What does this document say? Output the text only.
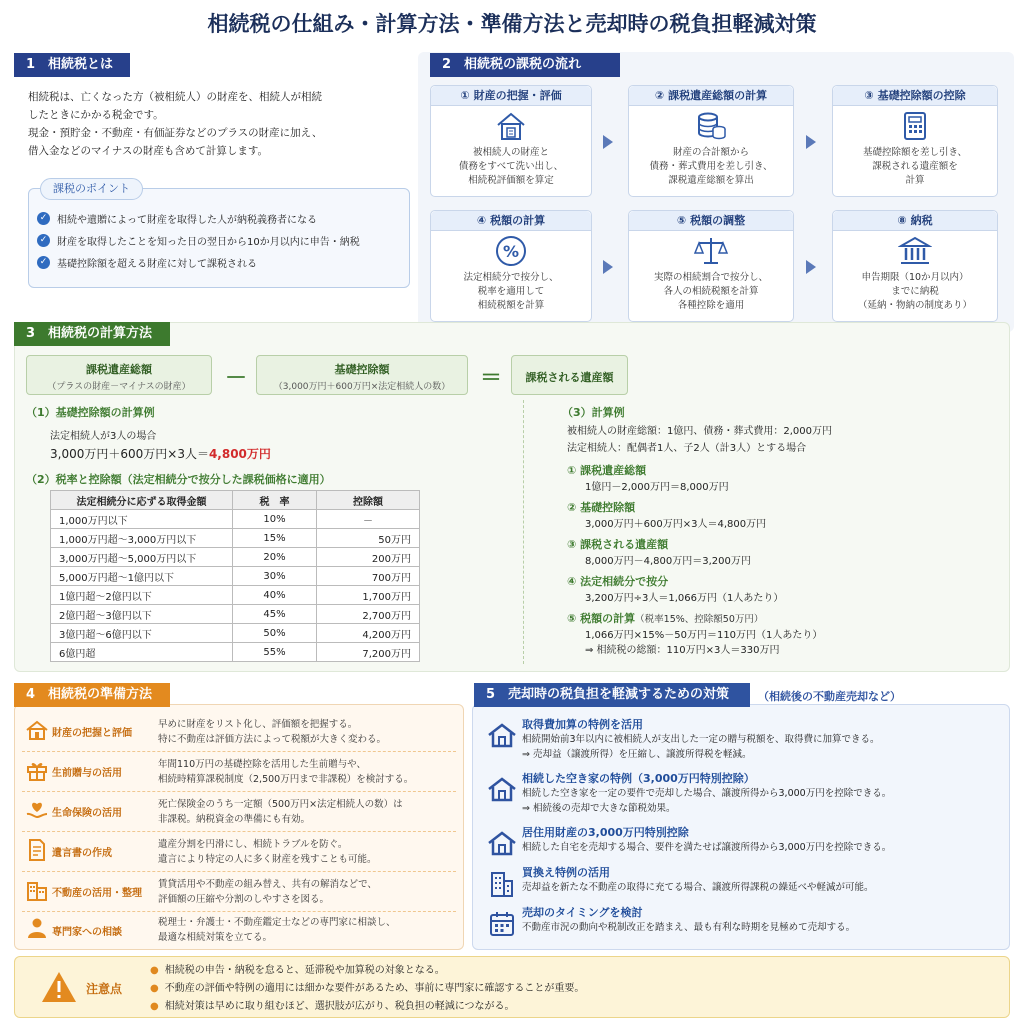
相続税の仕組み・計算方法・準備方法と売却時の税負担軽減対策
1 相続税とは
相続税は、亡くなった方（被相続人）の財産を、相続人が相続
したときにかかる税金です。
現金・預貯金・不動産・有価証券などのプラスの財産に加え、
借入金などのマイナスの財産も含めて計算します。
✓ 相続や遺贈によって財産を取得した人が納税義務者になる
✓ 財産を取得したことを知った日の翌日から10か月以内に申告・納税
✓ 基礎控除額を超える財産に対して課税される
課税のポイント
2 相続税の課税の流れ
① 財産の把握・評価
被相続人の財産と
債務をすべて洗い出し、
相続税評価額を算定
② 課税遺産総額の計算
財産の合計額から
債務・葬式費用を差し引き、
課税遺産総額を算出
③ 基礎控除額の控除
基礎控除額を差し引き、
課税される遺産額を
計算
④ 税額の計算
%
法定相続分で按分し、
税率を適用して
相続税額を計算
⑤ 税額の調整
実際の相続割合で按分し、
各人の相続税額を計算
各種控除を適用
⑧ 納税
申告期限（10か月以内）
までに納税
（延納・物納の制度あり）
3 相続税の計算方法
課税遺産総額
（プラスの財産－マイナスの財産）	－	基礎控除額
（3,000万円＋600万円×法定相続人の数）	＝	課税される遺産額
（1）基礎控除額の計算例
法定相続人が3人の場合
3,000万円＋600万円×3人＝4,800万円
（2）税率と控除額（法定相続分で按分した課税価格に適用）
法定相続分に応ずる取得金額	税　率	控除額
1,000万円以下	10%	－
1,000万円超～3,000万円以下	15%	50万円
3,000万円超～5,000万円以下	20%	200万円
5,000万円超～1億円以下	30%	700万円
1億円超～2億円以下	40%	1,700万円
2億円超～3億円以下	45%	2,700万円
3億円超～6億円以下	50%	4,200万円
6億円超	55%	7,200万円
（3）計算例
被相続人の財産総額：1億円、債務・葬式費用：2,000万円
法定相続人：配偶者1人、子2人（計3人）とする場合
① 課税遺産総額
1億円－2,000万円＝8,000万円
② 基礎控除額
3,000万円＋600万円×3人＝4,800万円
③ 課税される遺産額
8,000万円－4,800万円＝3,200万円
④ 法定相続分で按分
3,200万円÷3人＝1,066万円（1人あたり）
⑤ 税額の計算（税率15%、控除額50万円）
1,066万円×15%－50万円＝110万円（1人あたり）
⇒ 相続税の総額：110万円×3人＝330万円
4 相続税の準備方法
財産の把握と評価
早めに財産をリスト化し、評価額を把握する。
特に不動産は評価方法によって税額が大きく変わる。
生前贈与の活用
年間110万円の基礎控除を活用した生前贈与や、
相続時精算課税制度（2,500万円まで非課税）を検討する。
生命保険の活用
死亡保険金のうち一定額（500万円×法定相続人の数）は
非課税。納税資金の準備にも有効。
遺言書の作成
遺産分割を円滑にし、相続トラブルを防ぐ。
遺言により特定の人に多く財産を残すことも可能。
不動産の活用・整理
賃貸活用や不動産の組み替え、共有の解消などで、
評価額の圧縮や分割のしやすさを図る。
専門家への相談
税理士・弁護士・不動産鑑定士などの専門家に相談し、
最適な相続対策を立てる。
5 売却時の税負担を軽減するための対策	（相続後の不動産売却など）
取得費加算の特例を活用
相続開始前3年以内に被相続人が支出した一定の贈与税額を、取得費に加算できる。
⇒ 売却益（譲渡所得）を圧縮し、譲渡所得税を軽減。
相続した空き家の特例（3,000万円特別控除）
相続した空き家を一定の要件で売却した場合、譲渡所得から3,000万円を控除できる。
⇒ 相続後の売却で大きな節税効果。
居住用財産の3,000万円特別控除
相続した自宅を売却する場合、要件を満たせば譲渡所得から3,000万円を控除できる。
買換え特例の活用
売却益を新たな不動産の取得に充てる場合、譲渡所得課税の繰延べや軽減が可能。
売却のタイミングを検討
不動産市況の動向や税制改正を踏まえ、最も有利な時期を見極めて売却する。
注意点
● 相続税の申告・納税を怠ると、延滞税や加算税の対象となる。
● 不動産の評価や特例の適用には細かな要件があるため、事前に専門家に確認することが重要。
● 相続対策は早めに取り組むほど、選択肢が広がり、税負担の軽減につながる。
